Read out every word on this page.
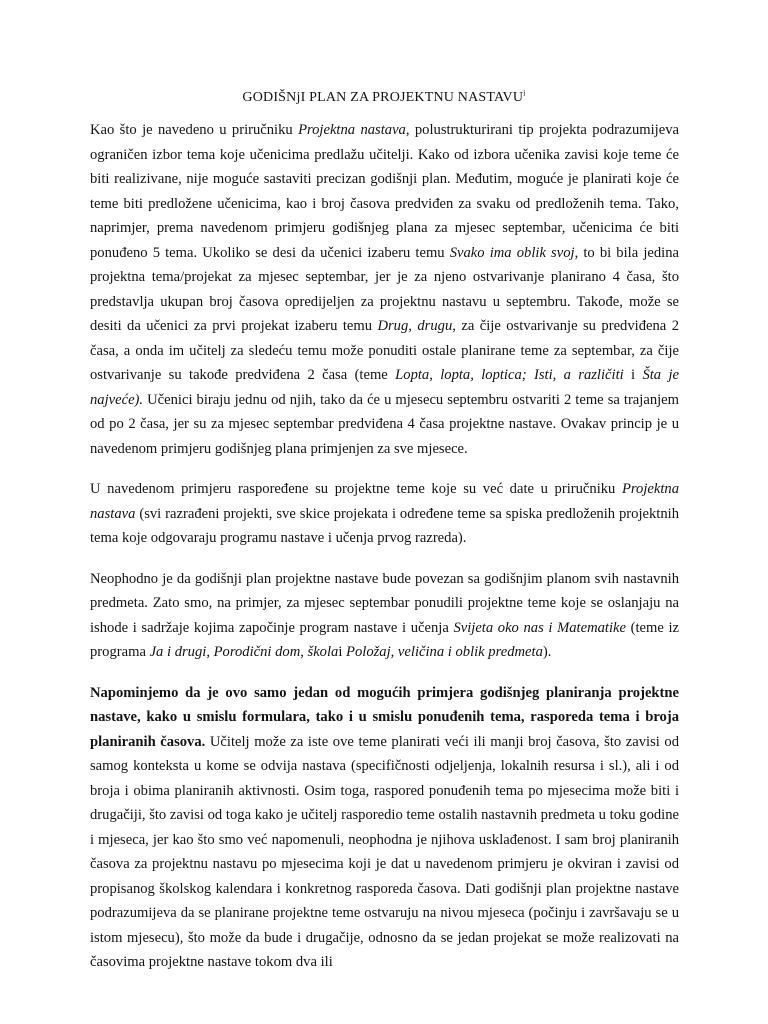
GODIŠNjI PLAN ZA PROJEKTNU NASTAVU$^i$

Kao što je navedeno u priručniku Projektna nastava, polustrukturirani tip projekta podrazumijeva ograničen izbor tema koje učenicima predlažu učitelji. Kako od izbora učenika zavisi koje teme će biti realizivane, nije moguće sastaviti precizan godišnji plan. Međutim, moguće je planirati koje će teme biti predložene učenicima, kao i broj časova predviđen za svaku od predloženih tema. Tako, naprimjer, prema navedenom primjeru godišnjeg plana za mjesec septembar, učenicima će biti ponuđeno 5 tema. Ukoliko se desi da učenici izaberu temu Svako ima oblik svoj, to bi bila jedina projektna tema/projekat za mjesec septembar, jer je za njeno ostvarivanje planirano 4 časa, što predstavlja ukupan broj časova opredijeljen za projektnu nastavu u septembru. Takođe, može se desiti da učenici za prvi projekat izaberu temu Drug, drugu, za čije ostvarivanje su predviđena 2 časa, a onda im učitelj za sledeću temu može ponuditi ostale planirane teme za septembar, za čije ostvarivanje su takođe predviđena 2 časa (teme Lopta, lopta, loptica; Isti, a različiti i Šta je najveće). Učenici biraju jednu od njih, tako da će u mjesecu septembru ostvariti 2 teme sa trajanjem od po 2 časa, jer su za mjesec septembar predviđena 4 časa projektne nastave. Ovakav princip je u navedenom primjeru godišnjeg plana primjenjen za sve mjesece.

U navedenom primjeru raspoređene su projektne teme koje su već date u priručniku Projektna nastava (svi razrađeni projekti, sve skice projekata i određene teme sa spiska predloženih projektnih tema koje odgovaraju programu nastave i učenja prvog razreda).

Neophodno je da godišnji plan projektne nastave bude povezan sa godišnjim planom svih nastavnih predmeta. Zato smo, na primjer, za mjesec septembar ponudili projektne teme koje se oslanjaju na ishode i sadržaje kojima započinje program nastave i učenja Svijeta oko nas i Matematike (teme iz programa Ja i drugi, Porodični dom, školai Položaj, veličina i oblik predmeta).

Napominjemo da je ovo samo jedan od mogućih primjera godišnjeg planiranja projektne nastave, kako u smislu formulara, tako i u smislu ponuđenih tema, rasporeda tema i broja planiranih časova. Učitelj može za iste ove teme planirati veći ili manji broj časova, što zavisi od samog konteksta u kome se odvija nastava (specifičnosti odjeljenja, lokalnih resursa i sl.), ali i od broja i obima planiranih aktivnosti. Osim toga, raspored ponuđenih tema po mjesecima može biti i drugačiji, što zavisi od toga kako je učitelj rasporedio teme ostalih nastavnih predmeta u toku godine i mjeseca, jer kao što smo već napomenuli, neophodna je njihova usklađenost. I sam broj planiranih časova za projektnu nastavu po mjesecima koji je dat u navedenom primjeru je okviran i zavisi od propisanog školskog kalendara i konkretnog rasporeda časova. Dati godišnji plan projektne nastave podrazumijeva da se planirane projektne teme ostvaruju na nivou mjeseca (počinju i završavaju se u istom mjesecu), što može da bude i drugačije, odnosno da se jedan projekat se može realizovati na časovima projektne nastave tokom dva ili
